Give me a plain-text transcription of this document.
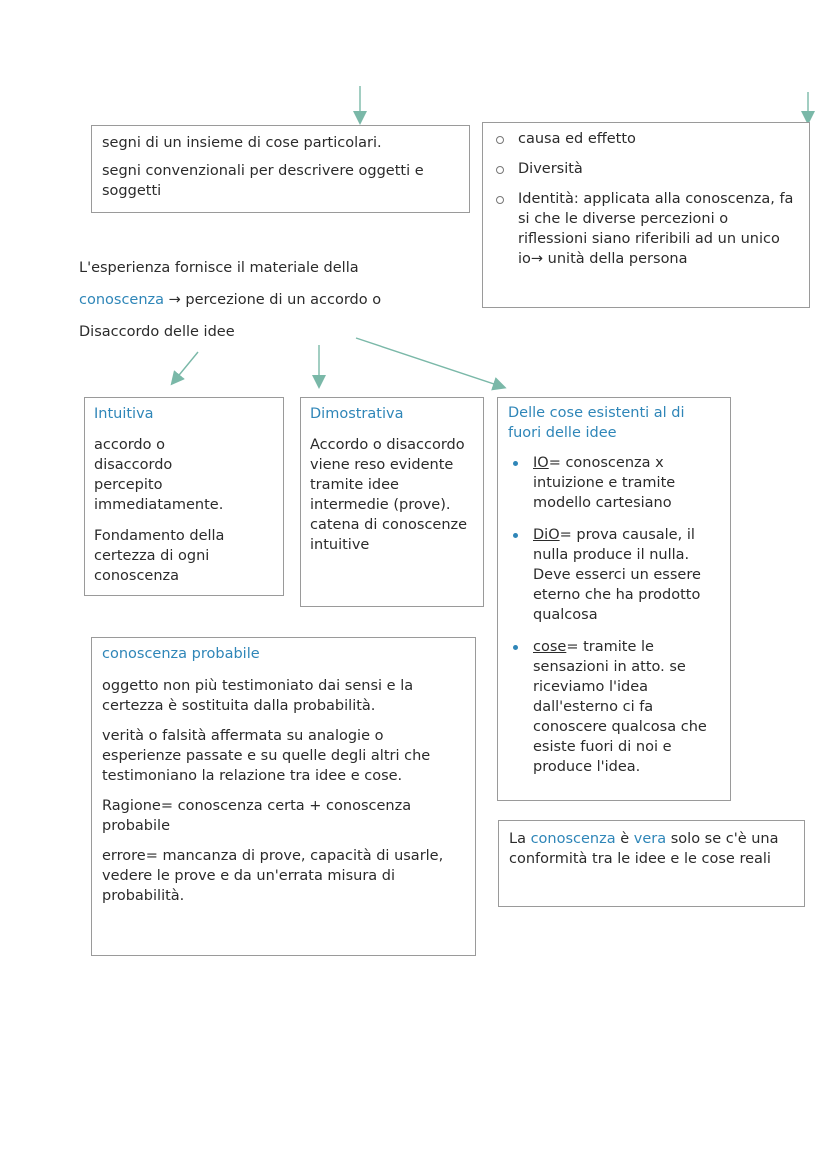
segni di un insieme di cose particolari.

segni convenzionali per descrivere oggetti e soggetti

causa ed effetto
Diversità
Identità: applicata alla conoscenza, fa si che le diverse percezioni o riflessioni siano riferibili ad un unico io→ unità della persona

L'esperienza fornisce il materiale della

conoscenza → percezione di un accordo o

Disaccordo delle idee

Intuitiva

accordo o disaccordo percepito immediatamente.

Fondamento della certezza di ogni conoscenza

Dimostrativa

Accordo o disaccordo viene reso evidente tramite idee intermedie (prove). catena di conoscenze intuitive

Delle cose esistenti al di fuori delle idee

IO= conoscenza x intuizione e tramite modello cartesiano
DiO= prova causale, il nulla produce il nulla. Deve esserci un essere eterno che ha prodotto qualcosa
cose= tramite le sensazioni in atto. se riceviamo l'idea dall'esterno ci fa conoscere qualcosa che esiste fuori di noi e produce l'idea.

conoscenza probabile

oggetto non più testimoniato dai sensi e la certezza è sostituita dalla probabilità.

verità o falsità affermata su analogie o esperienze passate e su quelle degli altri che testimoniano la relazione tra idee e cose.

Ragione= conoscenza certa + conoscenza probabile

errore= mancanza di prove, capacità di usarle, vedere le prove e da un'errata misura di probabilità.

La conoscenza è vera solo se c'è una conformità tra le idee e le cose reali
